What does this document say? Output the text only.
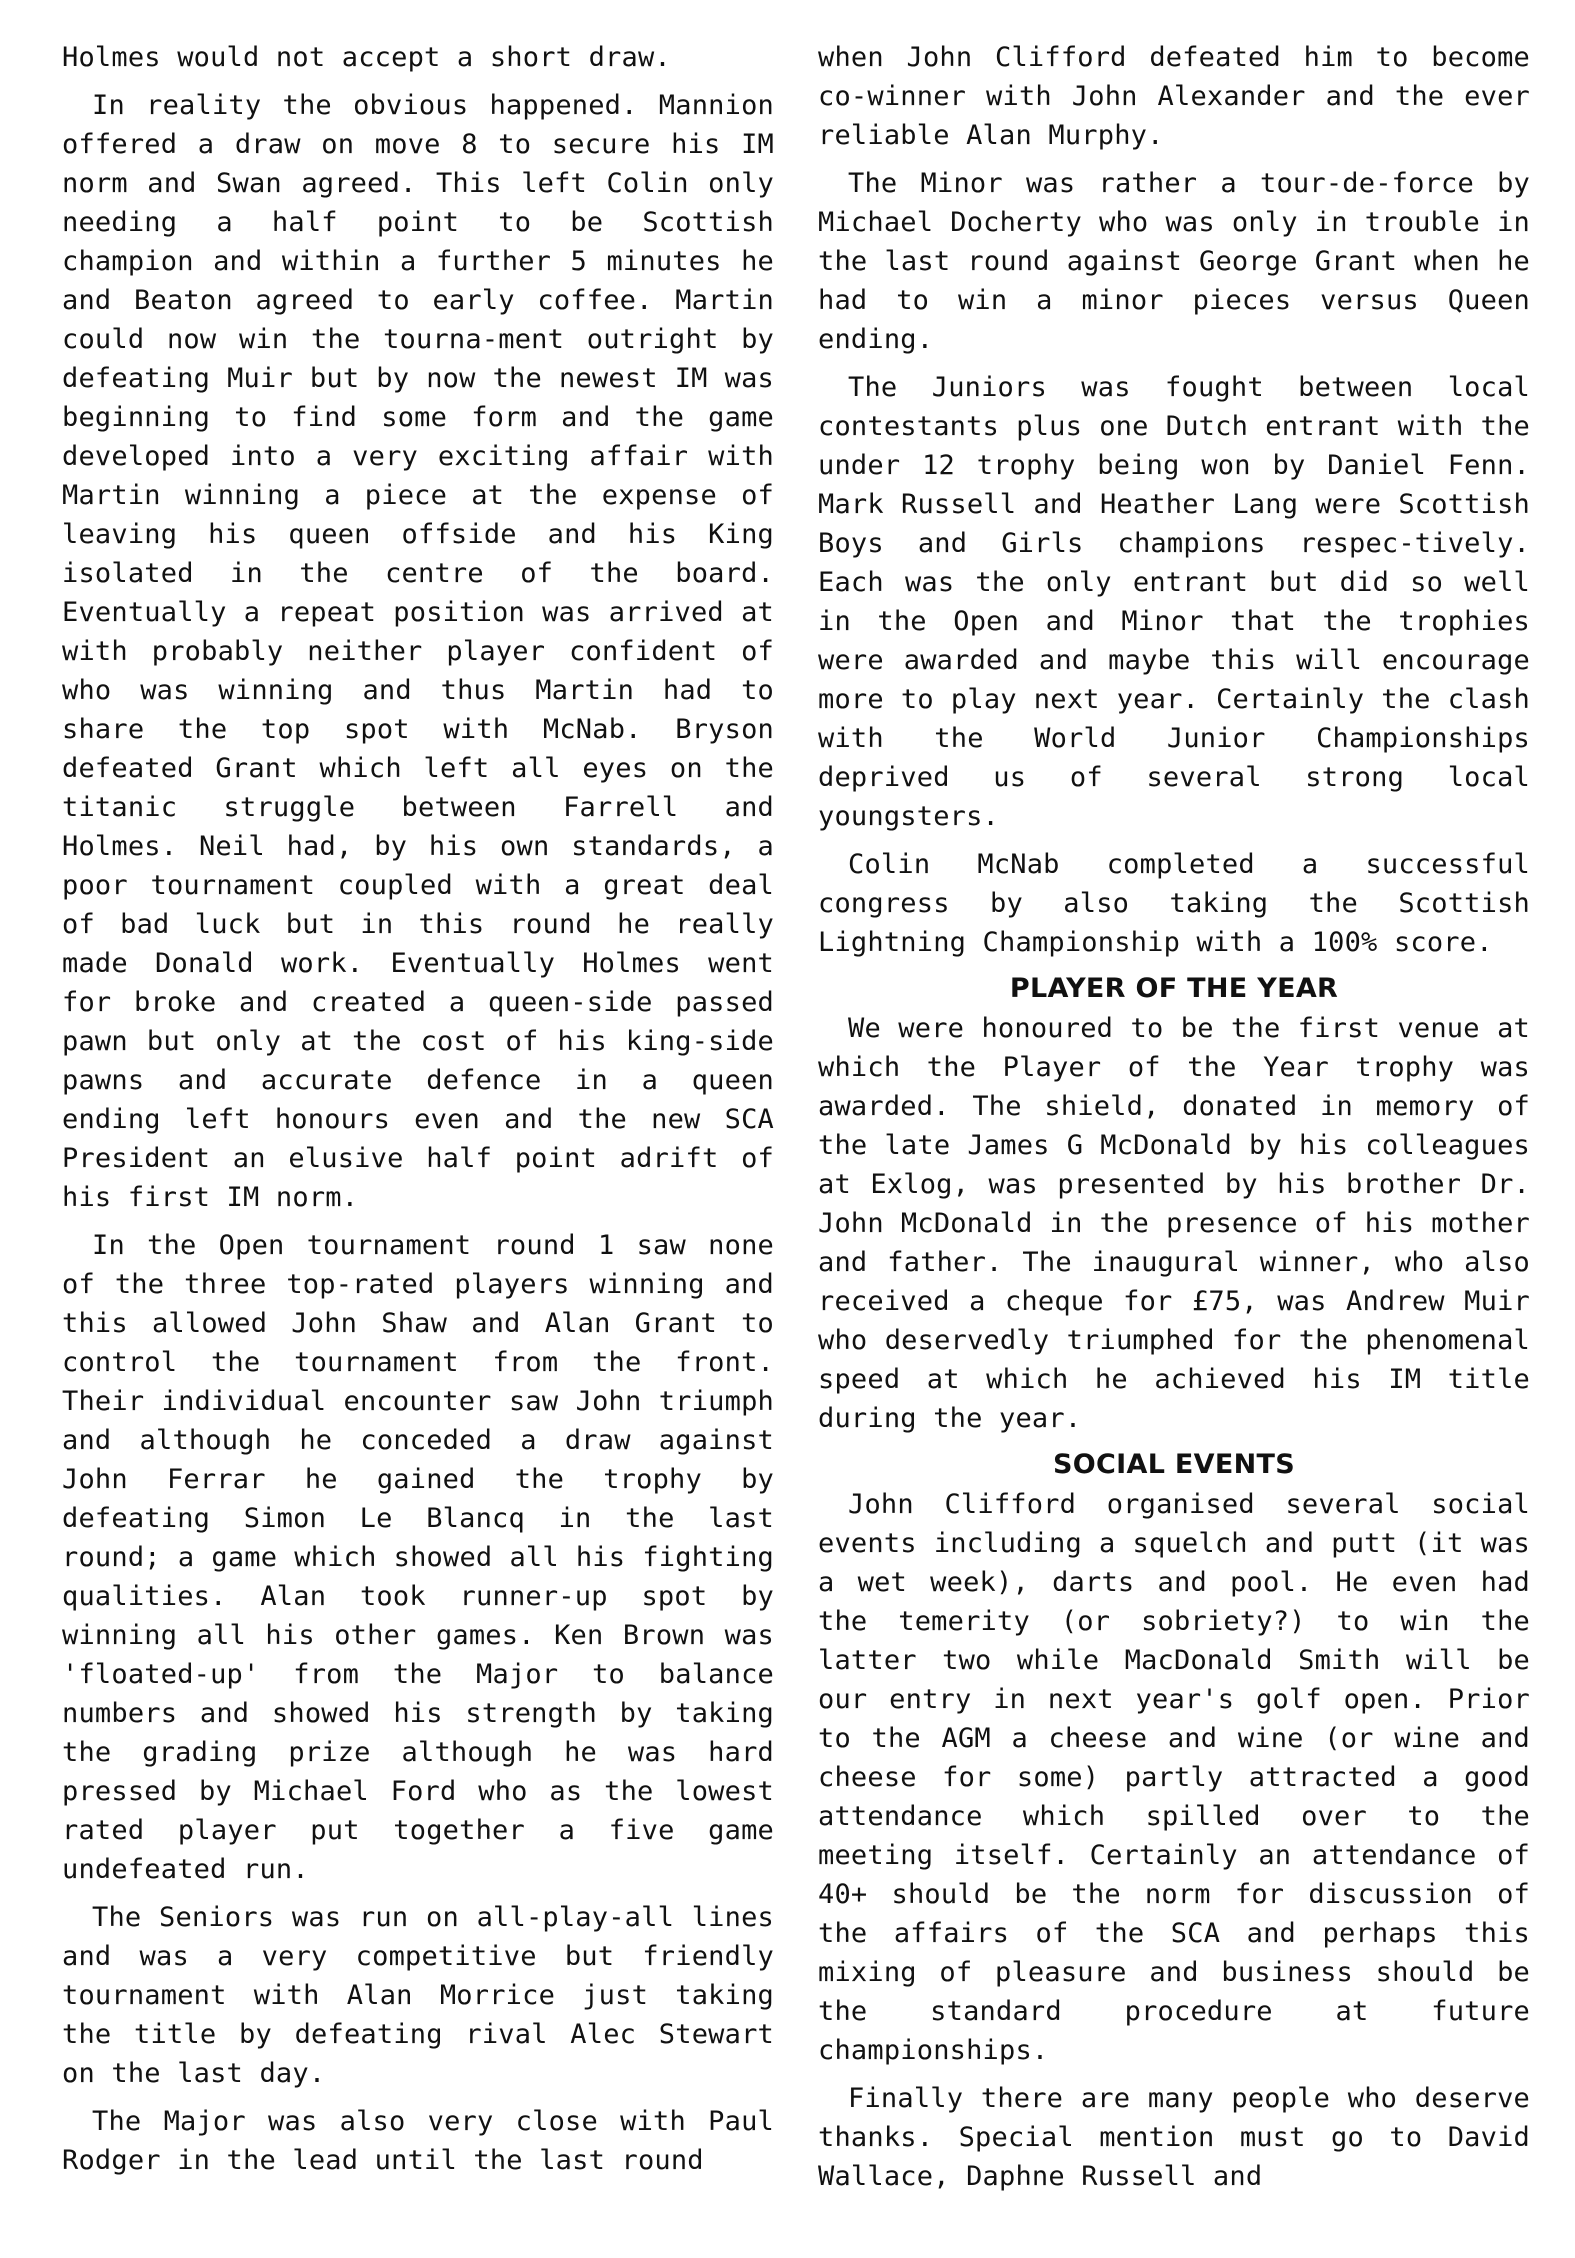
Holmes would not accept a short draw.

In reality the obvious happened. Mannion offered a draw on move 8 to secure his IM norm and Swan agreed. This left Colin only needing a half point to be Scottish champion and within a further 5 minutes he and Beaton agreed to early coffee. Martin could now win the tourna-ment outright by defeating Muir but by now the newest IM was beginning to find some form and the game developed into a very exciting affair with Martin winning a piece at the expense of leaving his queen offside and his King isolated in the centre of the board. Eventually a repeat position was arrived at with probably neither player confident of who was winning and thus Martin had to share the top spot with McNab. Bryson defeated Grant which left all eyes on the titanic struggle between Farrell and Holmes. Neil had, by his own standards, a poor tournament coupled with a great deal of bad luck but in this round he really made Donald work. Eventually Holmes went for broke and created a queen-side passed pawn but only at the cost of his king-side pawns and accurate defence in a queen ending left honours even and the new SCA President an elusive half point adrift of his first IM norm.

In the Open tournament round 1 saw none of the three top-rated players winning and this allowed John Shaw and Alan Grant to control the tournament from the front. Their individual encounter saw John triumph and although he conceded a draw against John Ferrar he gained the trophy by defeating Simon Le Blancq in the last round; a game which showed all his fighting qualities. Alan took runner-up spot by winning all his other games. Ken Brown was 'floated-up' from the Major to balance numbers and showed his strength by taking the grading prize although he was hard pressed by Michael Ford who as the lowest rated player put together a five game undefeated run.

The Seniors was run on all-play-all lines and was a very competitive but friendly tournament with Alan Morrice just taking the title by defeating rival Alec Stewart on the last day.

The Major was also very close with Paul Rodger in the lead until the last round

when John Clifford defeated him to become co-winner with John Alexander and the ever reliable Alan Murphy.

The Minor was rather a tour-de-force by Michael Docherty who was only in trouble in the last round against George Grant when he had to win a minor pieces versus Queen ending.

The Juniors was fought between local contestants plus one Dutch entrant with the under 12 trophy being won by Daniel Fenn. Mark Russell and Heather Lang were Scottish Boys and Girls champions respec-tively. Each was the only entrant but did so well in the Open and Minor that the trophies were awarded and maybe this will encourage more to play next year. Certainly the clash with the World Junior Championships deprived us of several strong local youngsters.

Colin McNab completed a successful congress by also taking the Scottish Lightning Championship with a 100% score.

PLAYER OF THE YEAR

We were honoured to be the first venue at which the Player of the Year trophy was awarded. The shield, donated in memory of the late James G McDonald by his colleagues at Exlog, was presented by his brother Dr. John McDonald in the presence of his mother and father. The inaugural winner, who also received a cheque for £75, was Andrew Muir who deservedly triumphed for the phenomenal speed at which he achieved his IM title during the year.

SOCIAL EVENTS

John Clifford organised several social events including a squelch and putt (it was a wet week), darts and pool. He even had the temerity (or sobriety?) to win the latter two while MacDonald Smith will be our entry in next year's golf open. Prior to the AGM a cheese and wine (or wine and cheese for some) partly attracted a good attendance which spilled over to the meeting itself. Certainly an attendance of 40+ should be the norm for discussion of the affairs of the SCA and perhaps this mixing of pleasure and business should be the standard procedure at future championships.

Finally there are many people who deserve thanks. Special mention must go to David Wallace, Daphne Russell and
